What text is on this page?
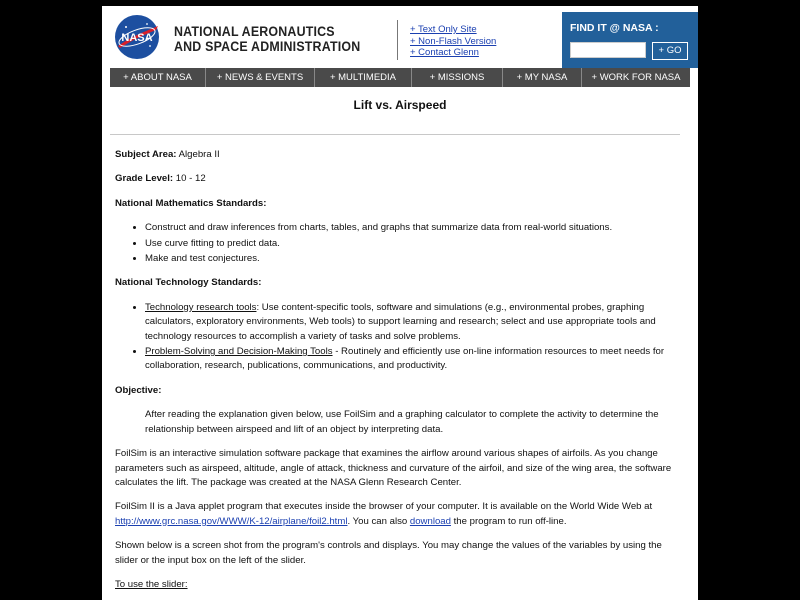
NASA NATIONAL AERONAUTICS
AND SPACE ADMINISTRATION
+ Text Only Site
+ Non-Flash Version
+ Contact Glenn
FIND IT @ NASA :
+ GO
+ ABOUT NASA	+ NEWS & EVENTS	+ MULTIMEDIA	+ MISSIONS	+ MY NASA	+ WORK FOR NASA
Lift vs. Airspeed

Subject Area: Algebra II

Grade Level: 10 - 12

National Mathematics Standards:

• Construct and draw inferences from charts, tables, and graphs that summarize data from real-world situations.
• Use curve fitting to predict data.
• Make and test conjectures.

National Technology Standards:

• Technology research tools: Use content-specific tools, software and simulations (e.g., environmental probes, graphing calculators, exploratory environments, Web tools) to support learning and research; select and use appropriate tools and technology resources to accomplish a variety of tasks and solve problems.
• Problem-Solving and Decision-Making Tools - Routinely and efficiently use on-line information resources to meet needs for collaboration, research, publications, communications, and productivity.

Objective:

After reading the explanation given below, use FoilSim and a graphing calculator to complete the activity to determine the relationship between airspeed and lift of an object by interpreting data.

FoilSim is an interactive simulation software package that examines the airflow around various shapes of airfoils. As you change parameters such as airspeed, altitude, angle of attack, thickness and curvature of the airfoil, and size of the wing area, the software calculates the lift. The package was created at the NASA Glenn Research Center.

FoilSim II is a Java applet program that executes inside the browser of your computer. It is available on the World Wide Web at http://www.grc.nasa.gov/WWW/K-12/airplane/foil2.html. You can also download the program to run off-line.

Shown below is a screen shot from the program's controls and displays. You may change the values of the variables by using the slider or the input box on the left of the slider.

To use the slider:
